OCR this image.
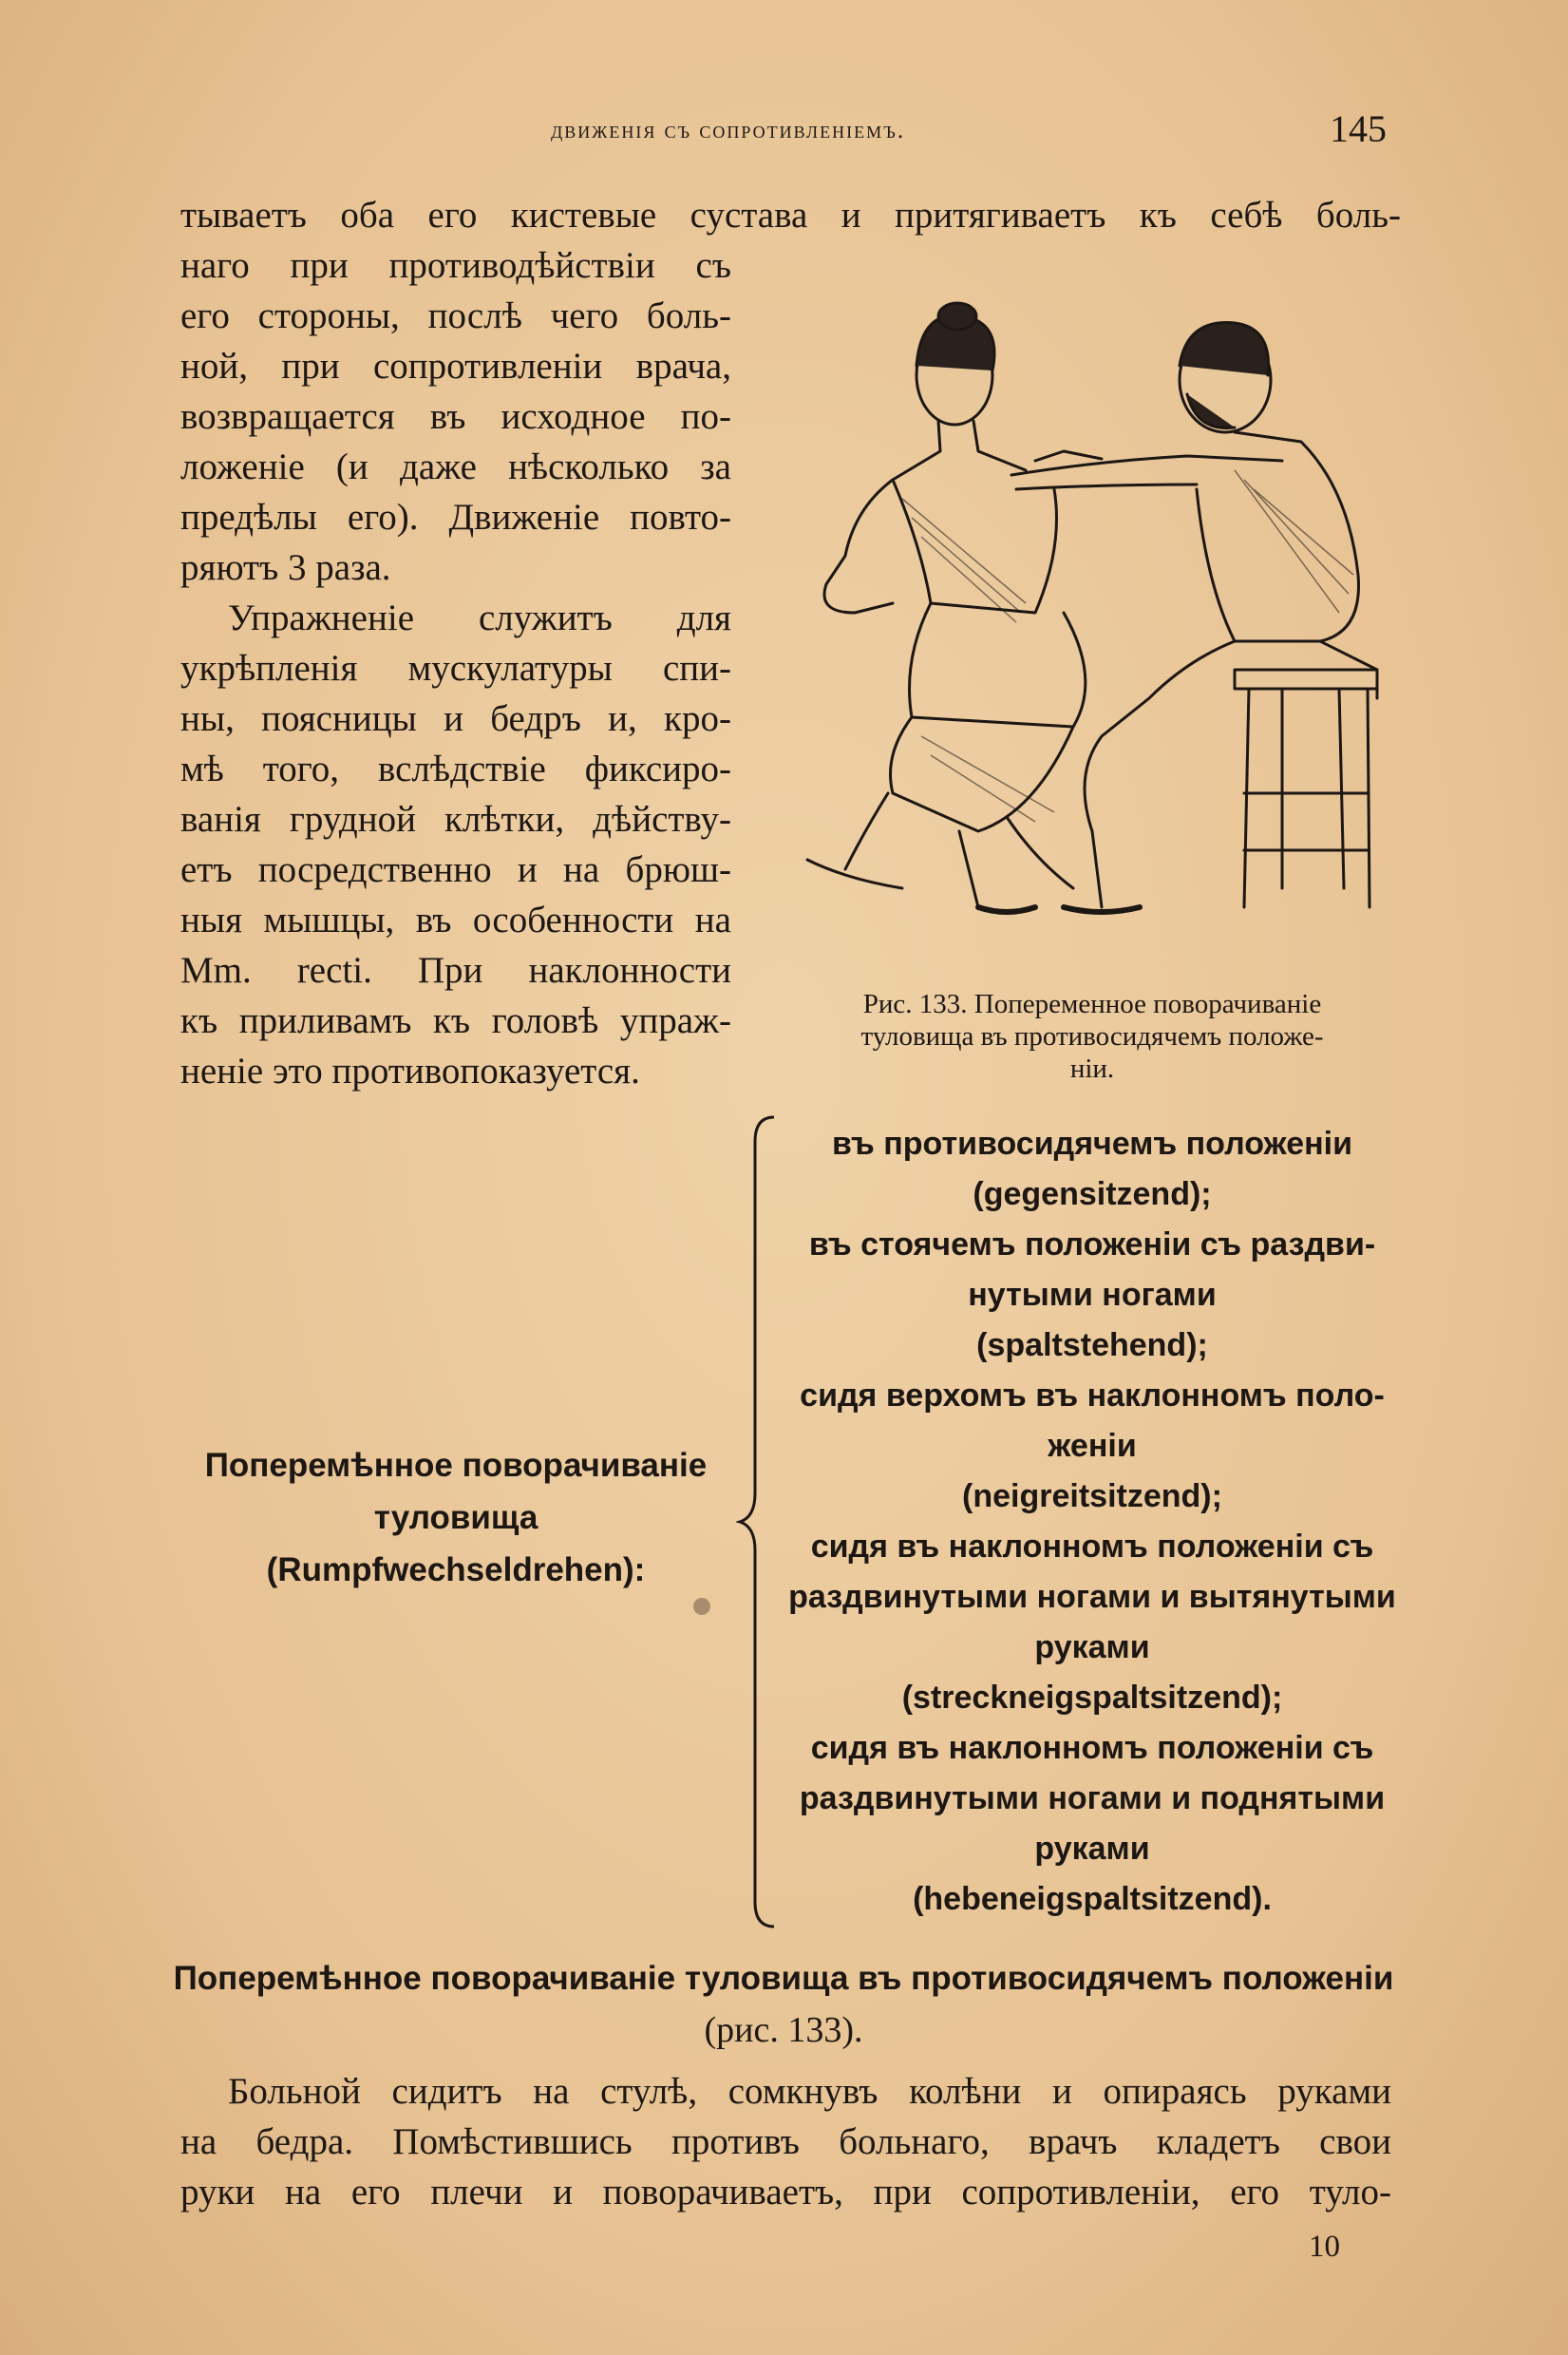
движенія съ сопротивленіемъ.	145
тываетъ оба его кистевые сустава и притягиваетъ къ себѣ боль-
наго при противодѣйствіи съ
его стороны, послѣ чего боль-
ной, при сопротивленіи врача,
возвращается въ исходное по-
ложеніе (и даже нѣсколько за
предѣлы его). Движеніе повто-
ряютъ 3 раза.
Упражненіе служитъ для
укрѣпленія мускулатуры спи-
ны, поясницы и бедръ и, кро-
мѣ того, вслѣдствіе фиксиро-
ванія грудной клѣтки, дѣйству-
етъ посредственно и на брюш-
ныя мышцы, въ особенности на
Mm. recti. При наклонности
къ приливамъ къ головѣ упраж-
неніе это противопоказуется.
Рис. 133. Попеременное поворачиваніе
туловища въ противосидячемъ положе-
ніи.
Поперемѣнное поворачиваніе
туловища
(Rumpfwechseldrehen):
въ противосидячемъ положеніи
(gegensitzend);
въ стоячемъ положеніи съ раздви-
нутыми ногами
(spaltstehend);
сидя верхомъ въ наклонномъ поло-
женіи
(neigreitsitzend);
сидя въ наклонномъ положеніи съ
раздвинутыми ногами и вытянутыми
руками
(streckneigspaltsitzend);
сидя въ наклонномъ положеніи съ
раздвинутыми ногами и поднятыми
руками
(hebeneigspaltsitzend).
Поперемѣнное поворачиваніе туловища въ противосидячемъ положеніи
(рис. 133).
Больной сидитъ на стулѣ, сомкнувъ колѣни и опираясь руками
на бедра. Помѣстившись противъ больнаго, врачъ кладетъ свои
руки на его плечи и поворачиваетъ, при сопротивленіи, его туло-
10
